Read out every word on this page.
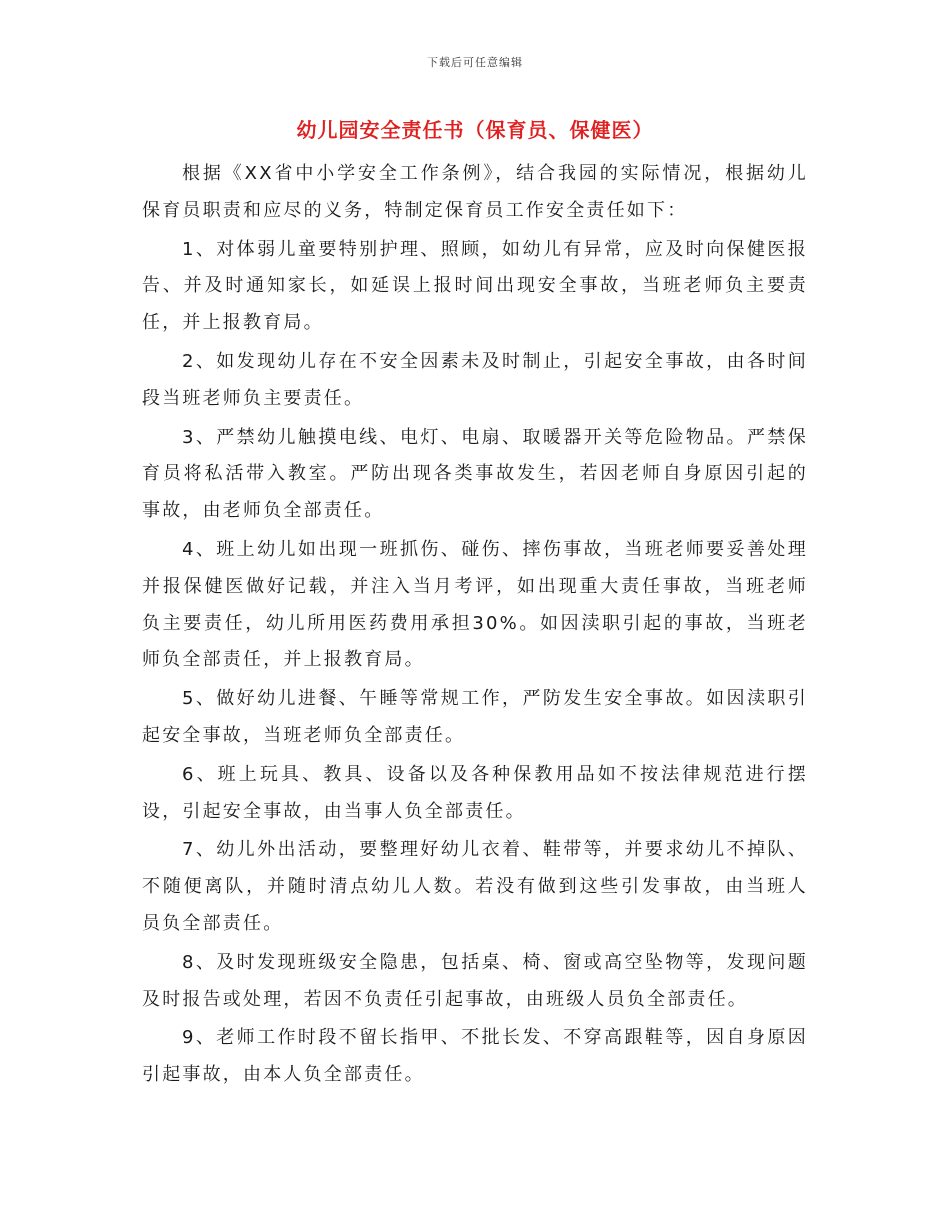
下载后可任意编辑
幼儿园安全责任书（保育员、保健医）

根据《XX省中小学安全工作条例》，结合我园的实际情况，根据幼儿保育员职责和应尽的义务，特制定保育员工作安全责任如下：

1、对体弱儿童要特别护理、照顾，如幼儿有异常，应及时向保健医报告、并及时通知家长，如延误上报时间出现安全事故，当班老师负主要责任，并上报教育局。

2、如发现幼儿存在不安全因素未及时制止，引起安全事故，由各时间段当班老师负主要责任。

3、严禁幼儿触摸电线、电灯、电扇、取暖器开关等危险物品。严禁保育员将私活带入教室。严防出现各类事故发生，若因老师自身原因引起的事故，由老师负全部责任。

4、班上幼儿如出现一班抓伤、碰伤、摔伤事故，当班老师要妥善处理并报保健医做好记载，并注入当月考评，如出现重大责任事故，当班老师负主要责任，幼儿所用医药费用承担30%。如因渎职引起的事故，当班老师负全部责任，并上报教育局。

5、做好幼儿进餐、午睡等常规工作，严防发生安全事故。如因渎职引起安全事故，当班老师负全部责任。

6、班上玩具、教具、设备以及各种保教用品如不按法律规范进行摆设，引起安全事故，由当事人负全部责任。

7、幼儿外出活动，要整理好幼儿衣着、鞋带等，并要求幼儿不掉队、不随便离队，并随时清点幼儿人数。若没有做到这些引发事故，由当班人员负全部责任。

8、及时发现班级安全隐患，包括桌、椅、窗或高空坠物等，发现问题及时报告或处理，若因不负责任引起事故，由班级人员负全部责任。

9、老师工作时段不留长指甲、不批长发、不穿高跟鞋等，因自身原因引起事故，由本人负全部责任。
